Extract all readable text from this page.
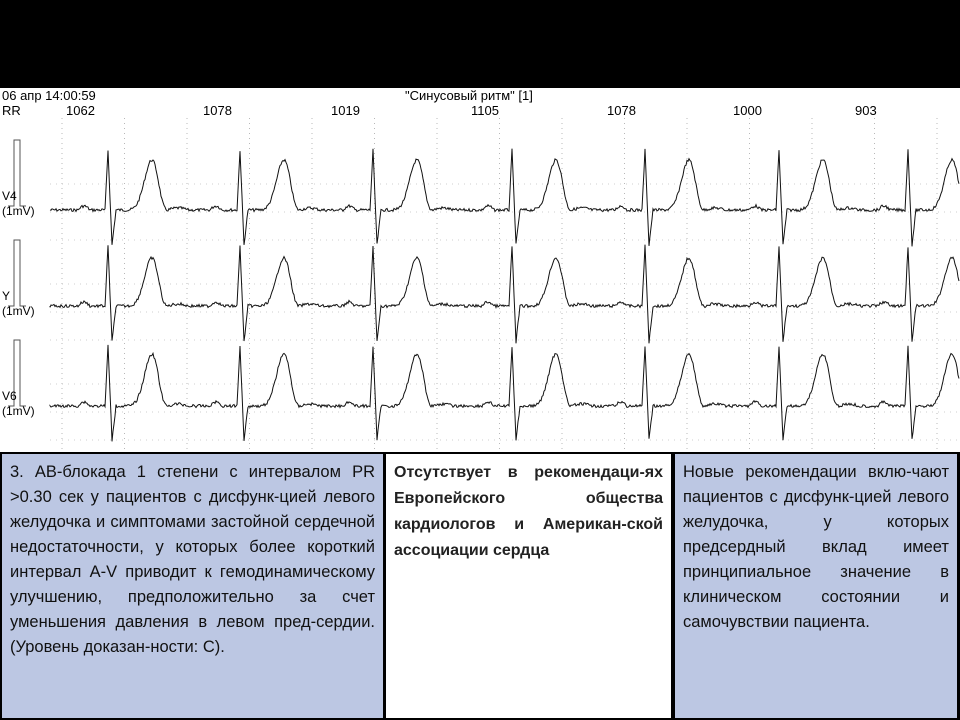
06 апр 14:00:59	"Синусовый ритм" [1]
RR	1062	1078	1019	1105	1078	1000	903
V4
(1mV)
Y
(1mV)
V6
(1mV)
3. АВ-блокада 1 степени с интервалом PR >0.30 сек у пациентов с дисфунк-цией левого желудочка и симптомами застойной сердечной недостаточности, у которых более короткий интервал A-V приводит к гемодинамическому улучшению, предположительно за счет уменьшения давления в левом пред-сердии. (Уровень доказан-ности: С).
Отсутствует в рекомендаци-ях Европейского общества кардиологов и Американ-ской ассоциации сердца
Новые рекомендации вклю-чают пациентов с дисфунк-цией левого желудочка, у которых предсердный вклад имеет принципиальное значение в клиническом состоянии и самочувствии пациента.
